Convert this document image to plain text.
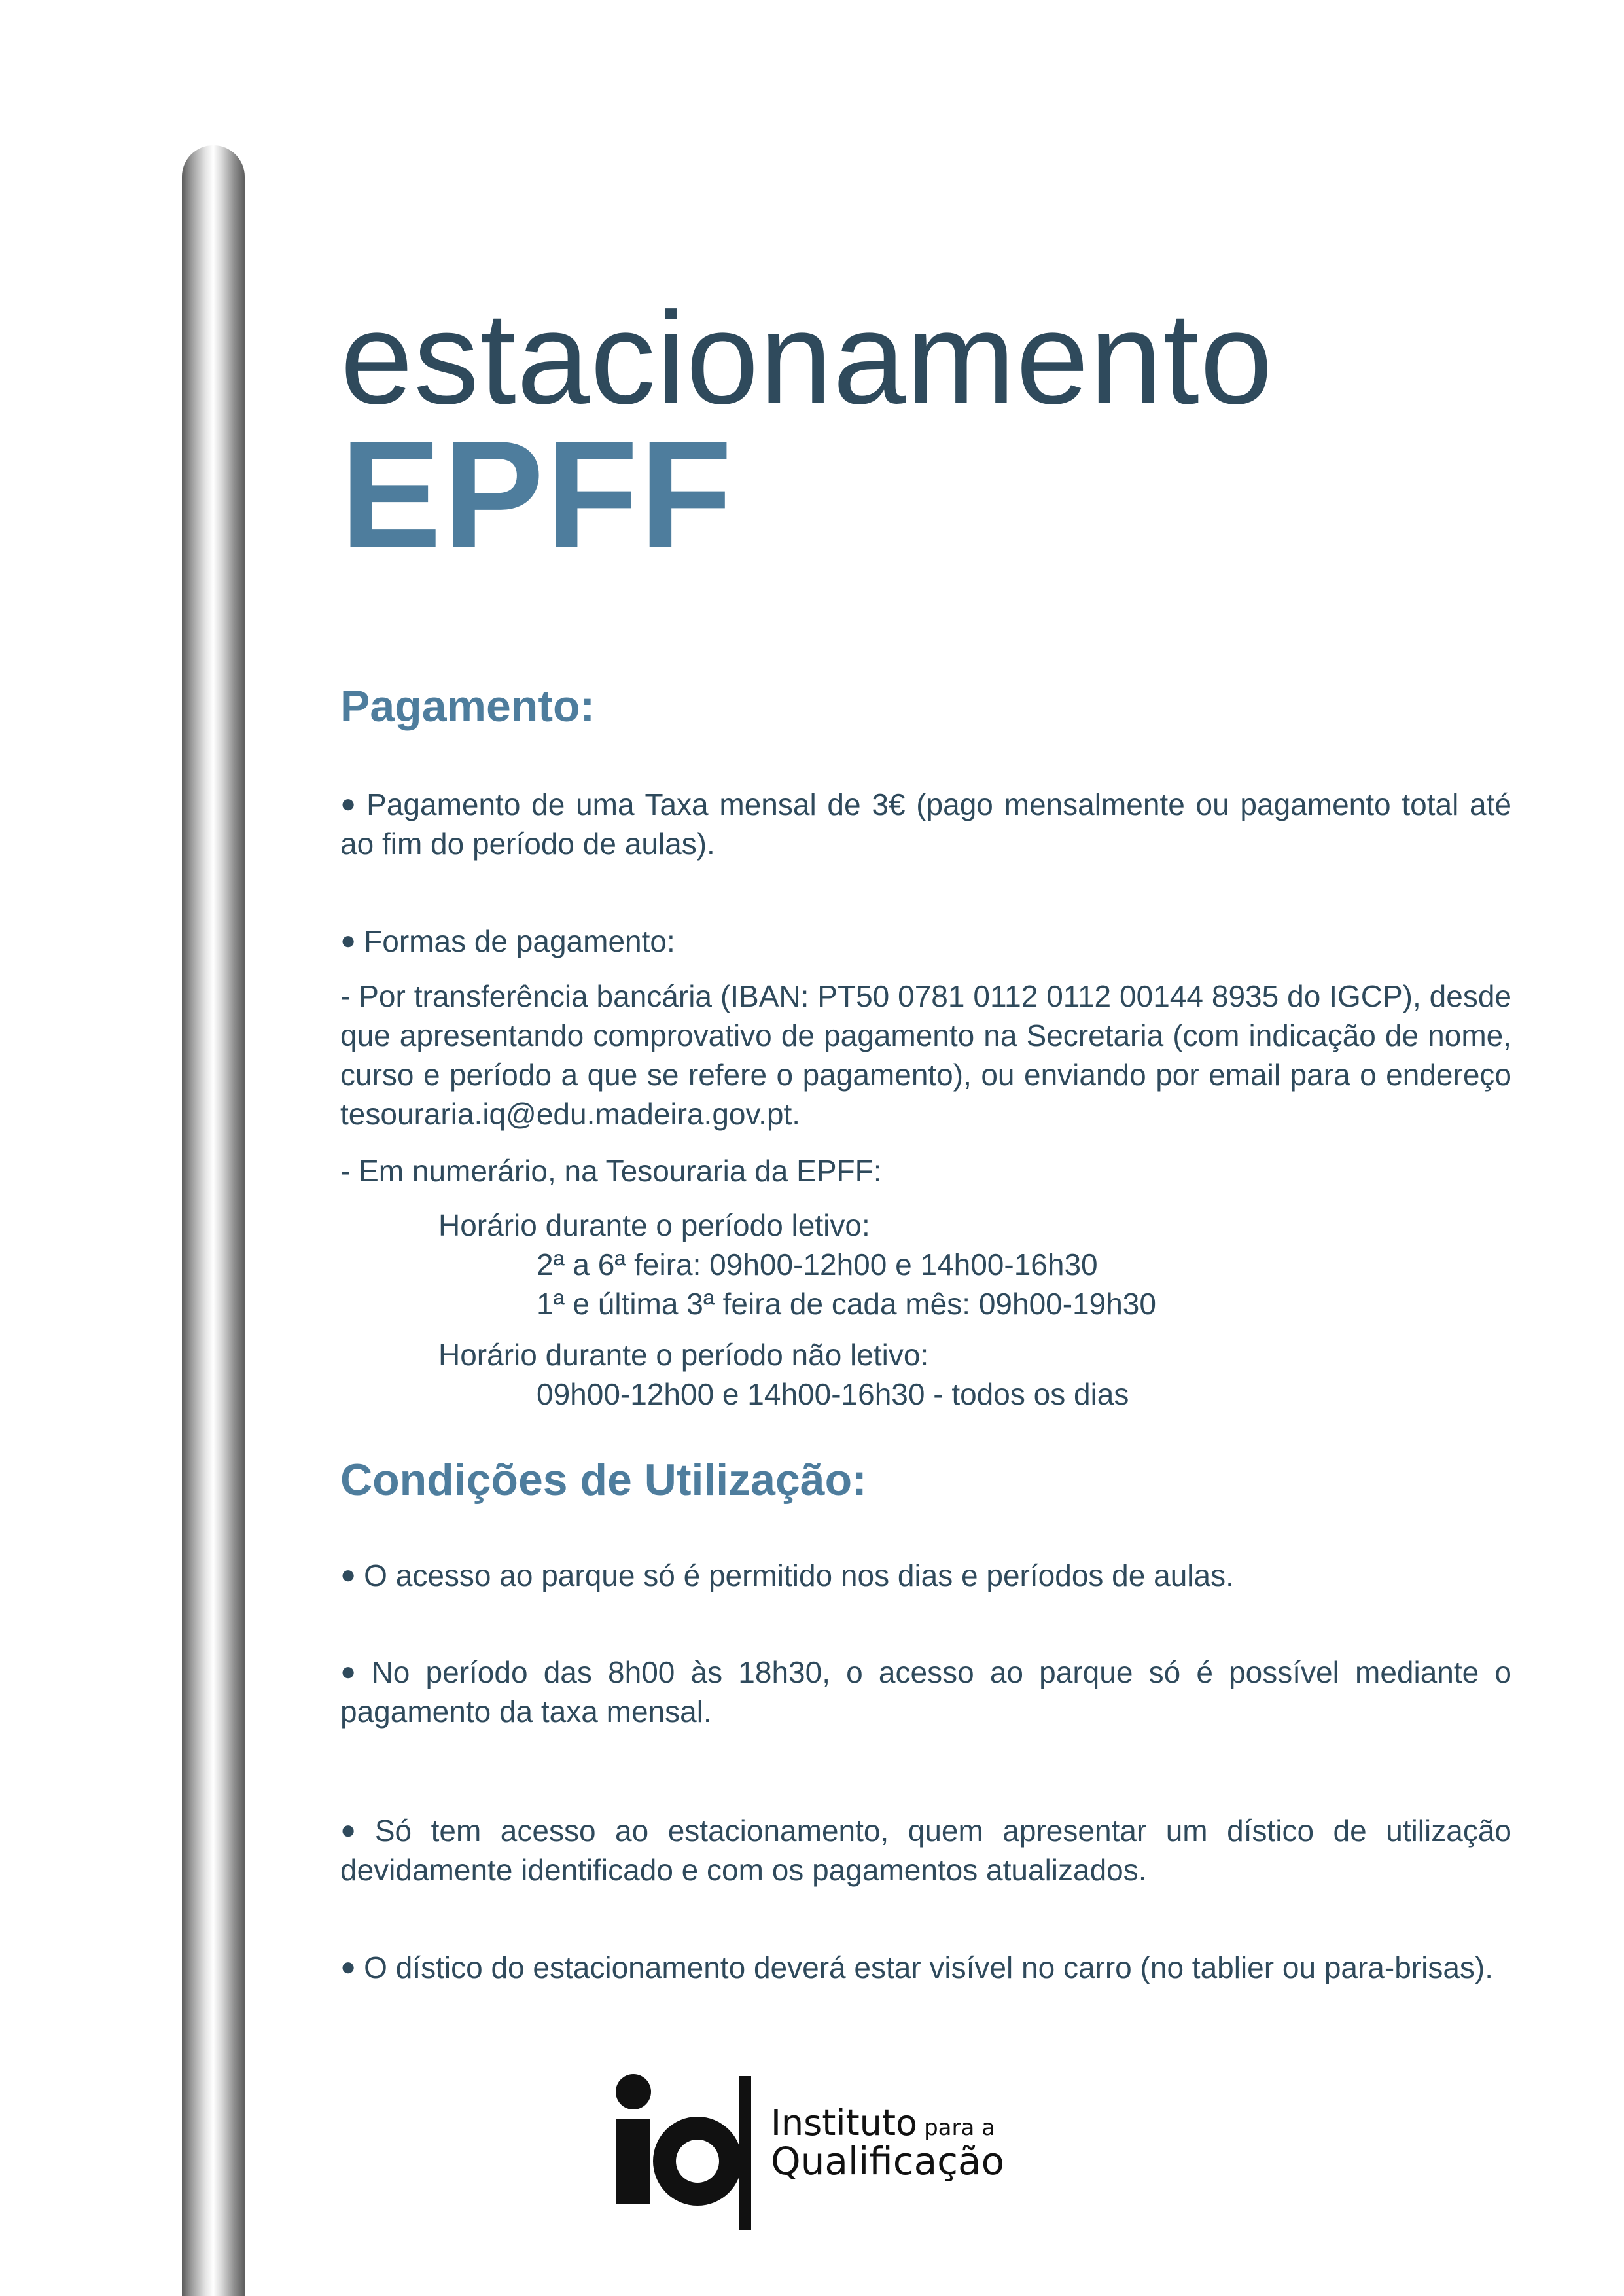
estacionamento
EPFF
Pagamento:
● Pagamento de uma Taxa mensal de 3€ (pago mensalmente ou pagamento total até ao fim do período de aulas).
● Formas de pagamento:
- Por transferência bancária (IBAN: PT50 0781 0112 0112 00144 8935 do IGCP), desde que apresentando comprovativo de pagamento na Secretaria (com indicação de nome, curso e período a que se refere o pagamento), ou enviando por email para o endereço tesouraria.iq@edu.madeira.gov.pt.
- Em numerário, na Tesouraria da EPFF:
Horário durante o período letivo:
2ª a 6ª feira: 09h00-12h00 e 14h00-16h30
1ª e última 3ª feira de cada mês: 09h00-19h30
Horário durante o período não letivo:
09h00-12h00 e 14h00-16h30 - todos os dias
Condições de Utilização:
● O acesso ao parque só é permitido nos dias e períodos de aulas.
● No período das 8h00 às 18h30, o acesso ao parque só é possível mediante o pagamento da taxa mensal.
● Só tem acesso ao estacionamento, quem apresentar um dístico de utilização devidamente identificado e com os pagamentos atualizados.
● O dístico do estacionamento deverá estar visível no carro (no tablier ou para-brisas).
Instituto para a
Qualificação
